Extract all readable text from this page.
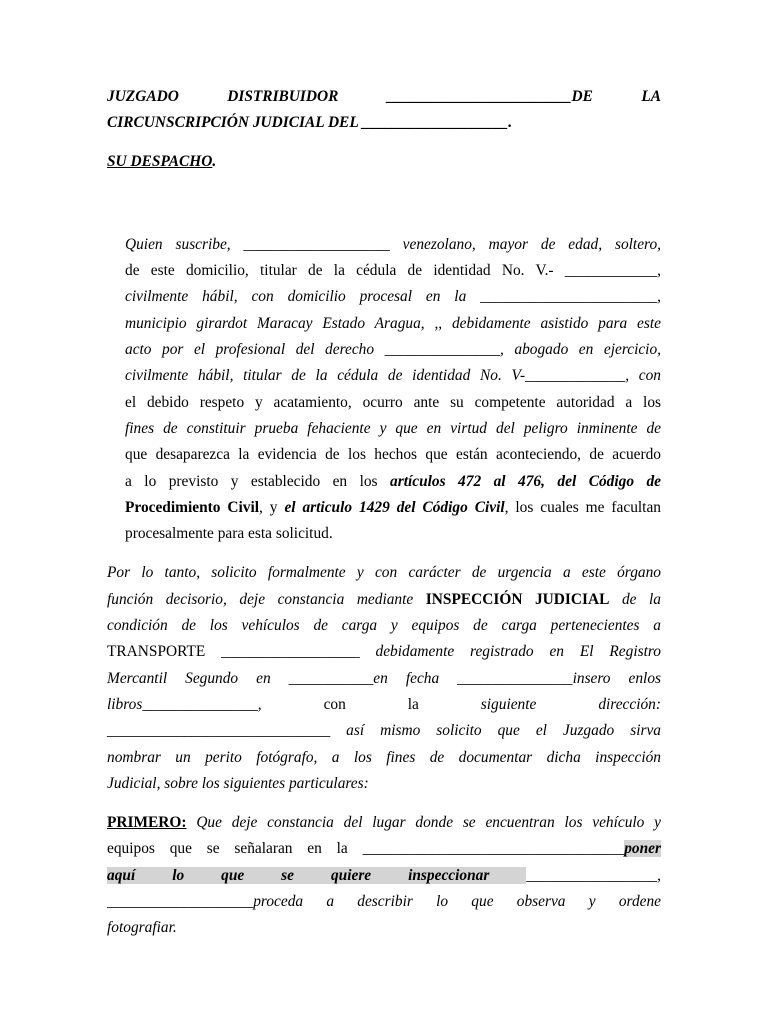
JUZGADO	DISTRIBUIDOR	________________________DE	LA
CIRCUNSCRIPCIÓN JUDICIAL DEL ___________________.
SU DESPACHO.
Quien suscribe, ___________________ venezolano, mayor de edad, soltero,
de este domicilio, titular de la cédula de identidad No. V.- ____________,
civilmente hábil, con domicilio procesal en la _______________________,
municipio girardot Maracay Estado Aragua, ,, debidamente asistido para este
acto por el profesional del derecho _______________, abogado en ejercicio,
civilmente hábil, titular de la cédula de identidad No. V-_____________, con
el debido respeto y acatamiento, ocurro ante su competente autoridad a los
fines de constituir prueba fehaciente y que en virtud del peligro inminente de
que desaparezca la evidencia de los hechos que están aconteciendo, de acuerdo
a lo previsto y establecido en los artículos 472 al 476, del Código de
Procedimiento Civil, y el articulo 1429 del Código Civil, los cuales me facultan
procesalmente para esta solicitud.
Por lo tanto, solicito formalmente y con carácter de urgencia a este órgano
función decisorio, deje constancia mediante INSPECCIÓN JUDICIAL de la
condición de los vehículos de carga y equipos de carga pertenecientes a
TRANSPORTE __________________ debidamente registrado en El Registro
Mercantil Segundo en ___________en fecha _______________insero enlos
libros_______________,	con	la	siguiente	dirección:
_____________________________ así mismo solicito que el Juzgado sirva
nombrar un perito fotógrafo, a los fines de documentar dicha inspección
Judicial, sobre los siguientes particulares:
PRIMERO: Que deje constancia del lugar donde se encuentran los vehículo y
equipos que se señalaran en la __________________________________poner
aquí lo que se quiere inspeccionar _________________,
___________________proceda a describir lo que observa y ordene
fotografiar.
